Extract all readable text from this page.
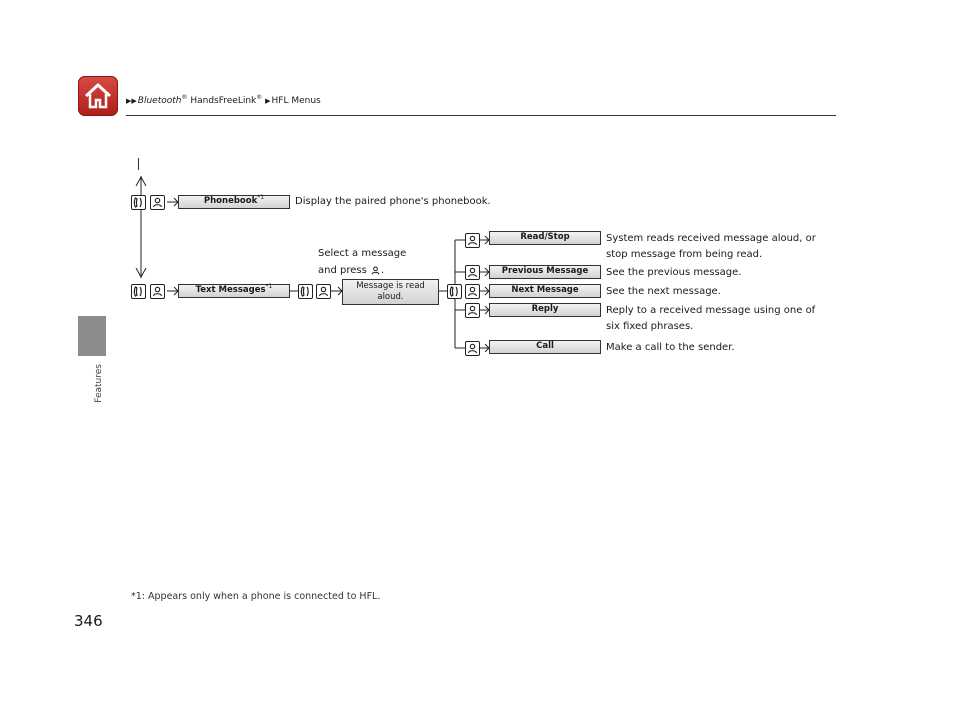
▶▶Bluetooth® HandsFreeLink® ▶HFL Menus
Features
Phonebook$^{*1}$	Display the paired phone's phonebook.
Text Messages$^{*1}$
Select a message
and press .
Message is read
aloud.
Read/Stop	System reads received message aloud, or
stop message from being read.
Previous Message	See the previous message.
Next Message	See the next message.
Reply	Reply to a received message using one of
six fixed phrases.
Call	Make a call to the sender.
*1: Appears only when a phone is connected to HFL.
346
